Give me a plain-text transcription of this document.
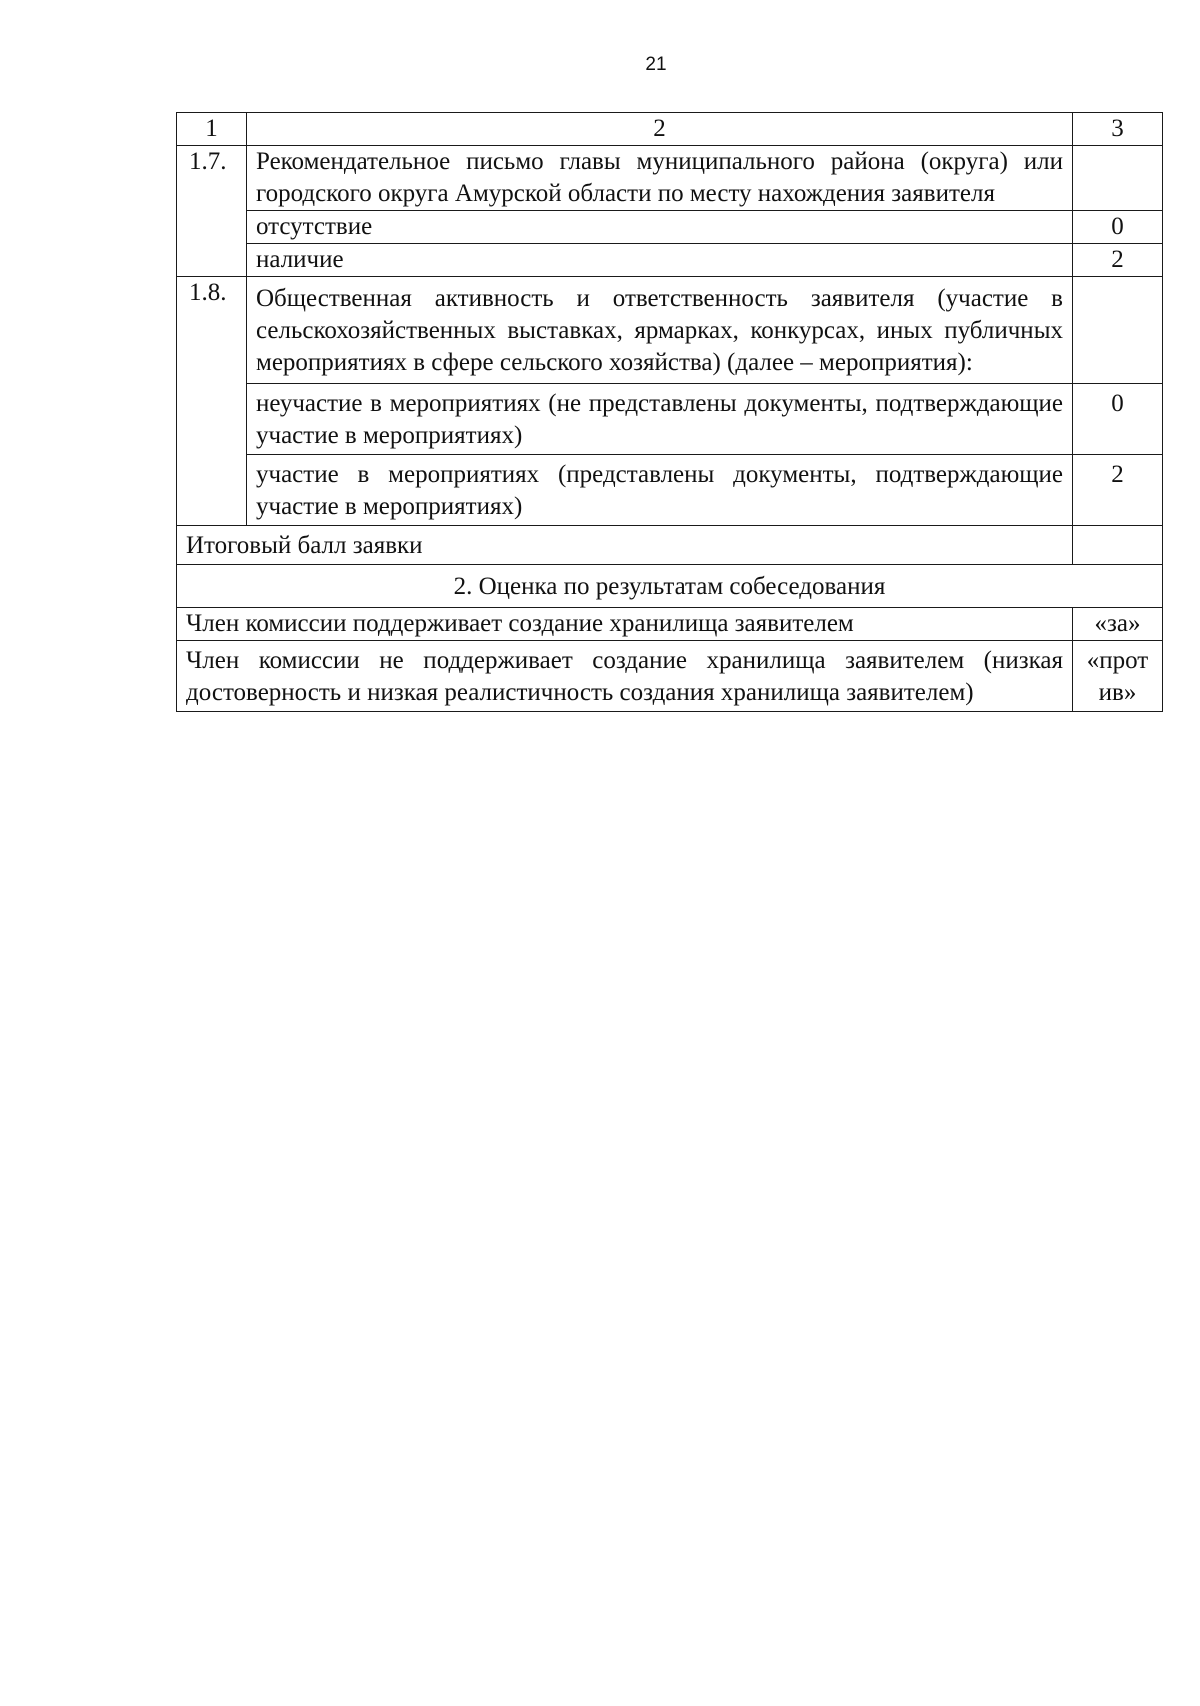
21
1	2	3
1.7.	Рекомендательное письмо главы муниципального района (округа) или городского округа Амурской области по месту нахождения заявителя	
	отсутствие	0
	наличие	2
1.8.	Общественная активность и ответственность заявителя (участие в сельскохозяйственных выставках, ярмарках, конкурсах, иных публичных мероприятиях в сфере сельского хозяйства) (далее – мероприятия):	
	неучастие в мероприятиях (не представлены документы, подтверждающие участие в мероприятиях)	0
	участие в мероприятиях (представлены документы, подтверждающие участие в мероприятиях)	2
Итоговый балл заявки		
2. Оценка по результатам собеседования		
Член комиссии поддерживает создание хранилища заявителем		«за»
Член комиссии не поддерживает создание хранилища заявителем (низкая достоверность и низкая реалистичность создания хранилища заявителем)		«против»
